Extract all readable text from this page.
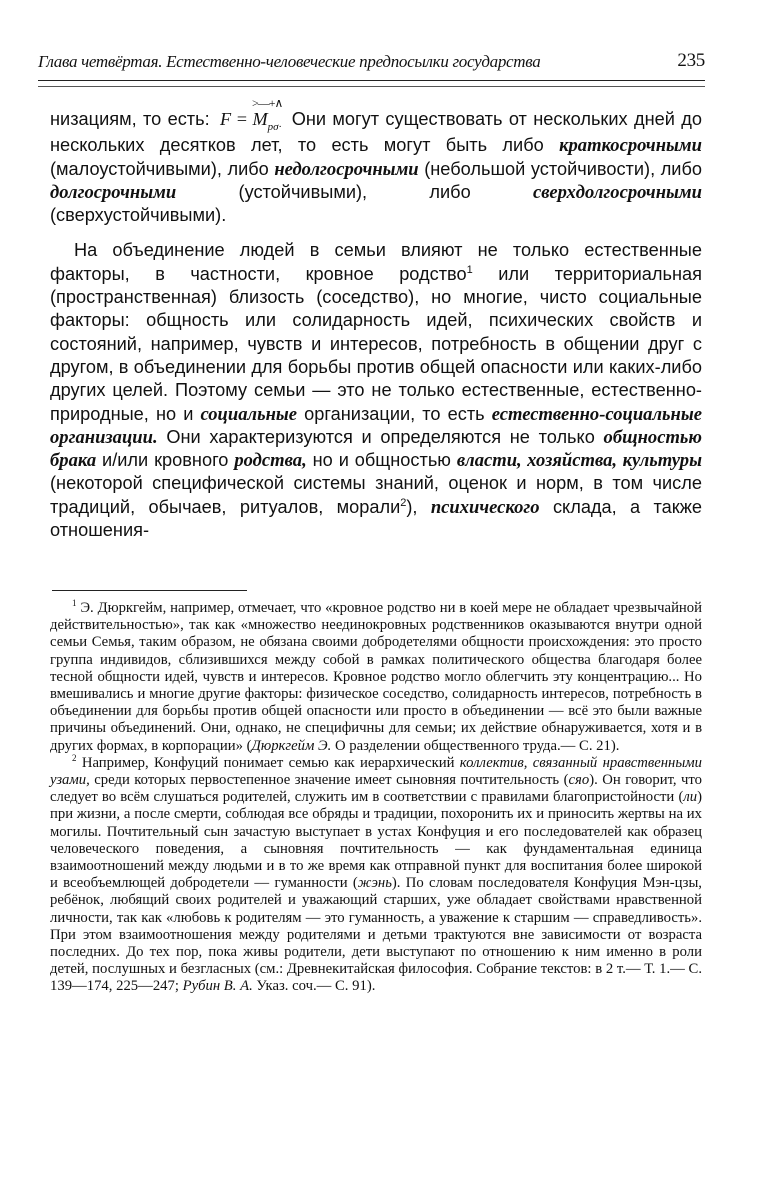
Глава четвёртая. Естественно-человеческие предпосылки государства	235

низациям, то есть: F =
>—+∧
$M_{p\sigma\cdot}$ Они могут существовать от нескольких дней до нескольких десятков лет, то есть могут быть либо краткосрочными (малоустойчивыми), либо недолгосрочными (небольшой устойчивости), либо долгосрочными (устойчивыми), либо сверхдолгосрочными (сверхустойчивыми).

На объединение людей в семьи влияют не только естественные факторы, в частности, кровное родство$^1$ или территориальная (пространственная) близость (соседство), но многие, чисто социальные факторы: общность или солидарность идей, психических свойств и состояний, например, чувств и интересов, потребность в общении друг с другом, в объединении для борьбы против общей опасности или каких-либо других целей. Поэтому семьи — это не только естественные, естественно-природные, но и социальные организации, то есть естественно-социальные организации. Они характеризуются и определяются не только общностью брака и/или кровного родства, но и общностью власти, хозяйства, культуры (некоторой специфической системы знаний, оценок и норм, в том числе традиций, обычаев, ритуалов, морали$^2$), психического склада, а также отношения-

$^1$ Э. Дюркгейм, например, отмечает, что «кровное родство ни в коей мере не обладает чрезвычайной действительностью», так как «множество неединокровных родственников оказываются внутри одной семьи Семья, таким образом, не обязана своими добродетелями общности происхождения: это просто группа индивидов, сблизившихся между собой в рамках политического общества благодаря более тесной общности идей, чувств и интересов. Кровное родство могло облегчить эту концентрацию... Но вмешивались и многие другие факторы: физическое соседство, солидарность интересов, потребность в объединении для борьбы против общей опасности или просто в объединении — всё это были важные причины объединений. Они, однако, не специфичны для семьи; их действие обнаруживается, хотя и в других формах, в корпорации» (Дюркгейм Э. О разделении общественного труда.— С. 21).

$^2$ Например, Конфуций понимает семью как иерархический коллектив, связанный нравственными узами, среди которых первостепенное значение имеет сыновняя почтительность (сяо). Он говорит, что следует во всём слушаться родителей, служить им в соответствии с правилами благопристойности (ли) при жизни, а после смерти, соблюдая все обряды и традиции, похоронить их и приносить жертвы на их могилы. Почтительный сын зачастую выступает в устах Конфуция и его последователей как образец человеческого поведения, а сыновняя почтительность — как фундаментальная единица взаимоотношений между людьми и в то же время как отправной пункт для воспитания более широкой и всеобъемлющей добродетели — гуманности (жэнь). По словам последователя Конфуция Мэн-цзы, ребёнок, любящий своих родителей и уважающий старших, уже обладает свойствами нравственной личности, так как «любовь к родителям — это гуманность, а уважение к старшим — справедливость». При этом взаимоотношения между родителями и детьми трактуются вне зависимости от возраста последних. До тех пор, пока живы родители, дети выступают по отношению к ним именно в роли детей, послушных и безгласных (см.: Древнекитайская философия. Собрание текстов: в 2 т.— Т. 1.— С. 139—174, 225—247; Рубин В. А. Указ. соч.— С. 91).
